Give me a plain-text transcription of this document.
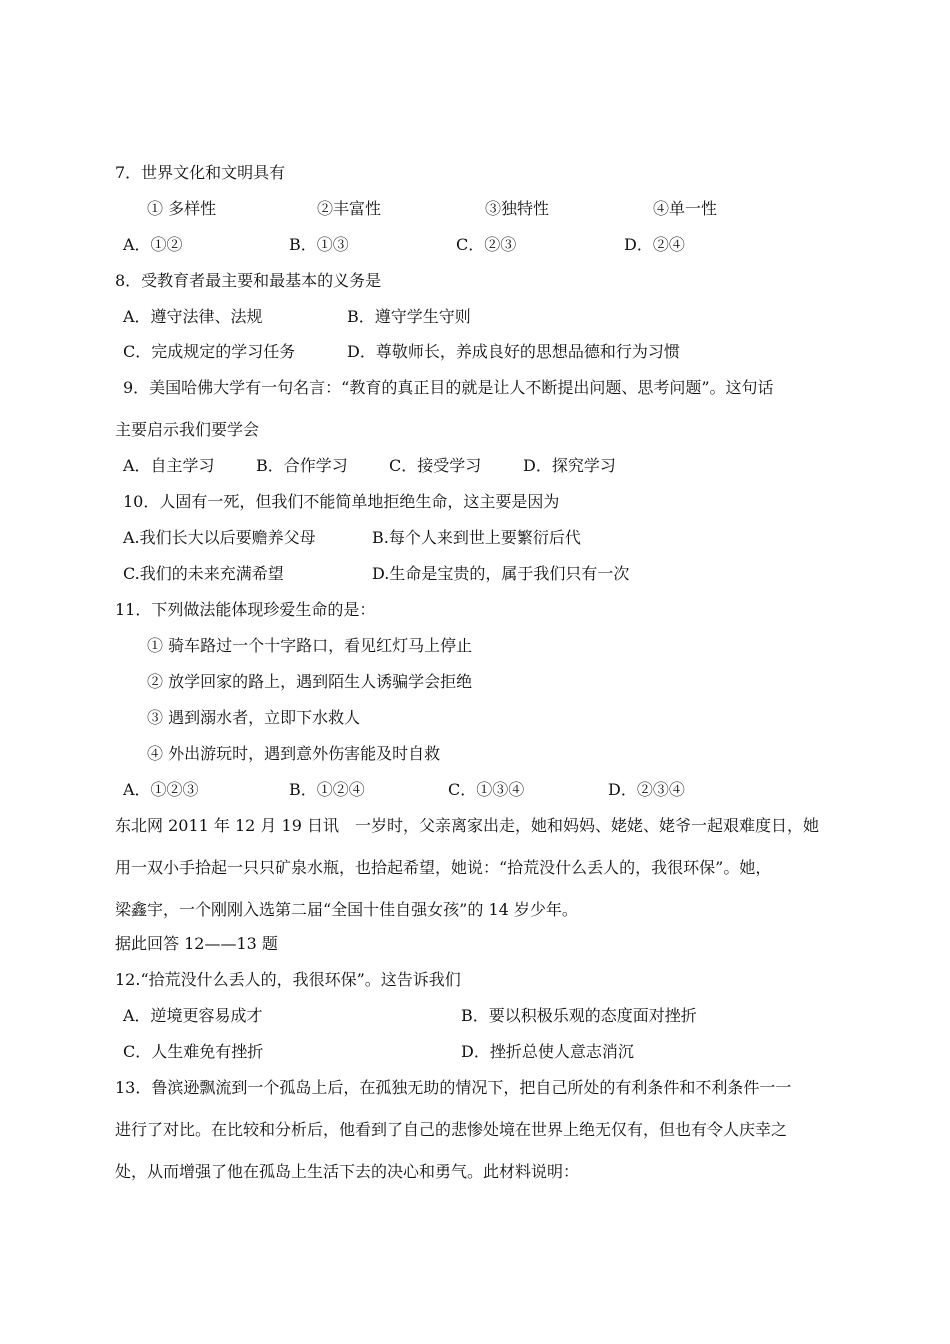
7．世界文化和文明具有
① 多样性	②丰富性	③独特性	④单一性
A．①②	B．①③	C．②③	D．②④
8．受教育者最主要和最基本的义务是
A．遵守法律、法规	B．遵守学生守则
C．完成规定的学习任务	D．尊敬师长，养成良好的思想品德和行为习惯
9．美国哈佛大学有一句名言：“教育的真正目的就是让人不断提出问题、思考问题”。这句话
主要启示我们要学会
A．自主学习	B．合作学习	C．接受学习	D．探究学习
10．人固有一死，但我们不能简单地拒绝生命，这主要是因为
A.我们长大以后要赡养父母	B.每个人来到世上要繁衍后代
C.我们的未来充满希望	D.生命是宝贵的，属于我们只有一次
11．下列做法能体现珍爱生命的是：
① 骑车路过一个十字路口，看见红灯马上停止
② 放学回家的路上，遇到陌生人诱骗学会拒绝
③ 遇到溺水者，立即下水救人
④ 外出游玩时，遇到意外伤害能及时自救
A．①②③	B．①②④	C．①③④	D．②③④
东北网 2011 年 12 月 19 日讯　一岁时，父亲离家出走，她和妈妈、姥姥、姥爷一起艰难度日，她
用一双小手拾起一只只矿泉水瓶，也拾起希望，她说：“拾荒没什么丢人的，我很环保”。她，
梁鑫宇，一个刚刚入选第二届“全国十佳自强女孩”的 14 岁少年。
据此回答 12——13 题
12.“拾荒没什么丢人的，我很环保”。这告诉我们
A．逆境更容易成才	B．要以积极乐观的态度面对挫折
C．人生难免有挫折	D．挫折总使人意志消沉
13．鲁滨逊飘流到一个孤岛上后，在孤独无助的情况下，把自己所处的有利条件和不利条件一一
进行了对比。在比较和分析后，他看到了自己的悲惨处境在世界上绝无仅有，但也有令人庆幸之
处，从而增强了他在孤岛上生活下去的决心和勇气。此材料说明：
